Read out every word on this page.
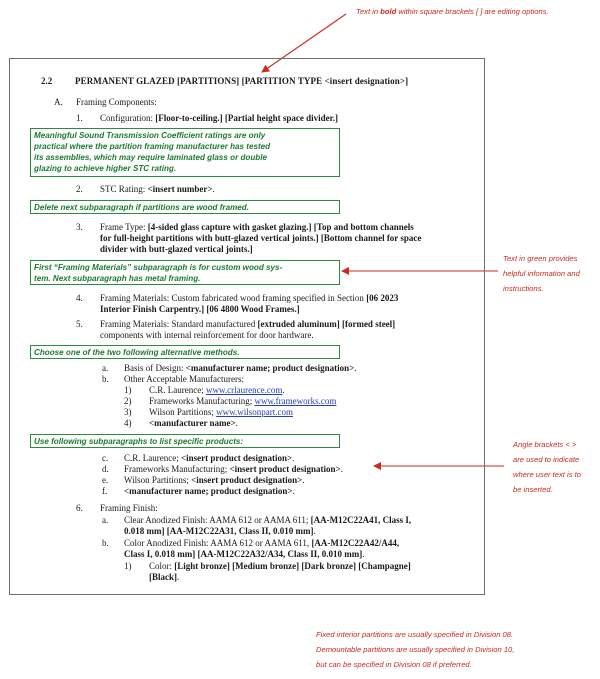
Text in bold within square brackets [ ] are editing options.
Text in green provides
helpful information and
instructions.
Angle brackets < >
are used to indicate
where user text is to
be inserted.
Fixed interior partitions are usually specified in Division 08.
Demountable partitions are usually specified in Division 10,
but can be specified in Division 08 if preferred.
2.2	PERMANENT GLAZED [PARTITIONS] [PARTITION TYPE <insert designation>]
A. Framing Components:
1. Configuration: [Floor-to-ceiling.] [Partial height space divider.]
Meaningful Sound Transmission Coefficient ratings are only
practical where the partition framing manufacturer has tested
its assemblies, which may require laminated glass or double
glazing to achieve higher STC rating.
2. STC Rating: <insert number>.
Delete next subparagraph if partitions are wood framed.
3. Frame Type: [4-sided glass capture with gasket glazing.] [Top and bottom channels
for full-height partitions with butt-glazed vertical joints.] [Bottom channel for space
divider with butt-glazed vertical joints.]
First “Framing Materials” subparagraph is for custom wood sys-
tem. Next subparagraph has metal framing.
4. Framing Materials: Custom fabricated wood framing specified in Section [06 2023
Interior Finish Carpentry.] [06 4800 Wood Frames.]
5. Framing Materials: Standard manufactured [extruded aluminum] [formed steel]
components with internal reinforcement for door hardware.
Choose one of the two following alternative methods.
a. Basis of Design: <manufacturer name; product designation>.
b. Other Acceptable Manufacturers:
1) C.R. Laurence; www.crlaurence.com.
2) Frameworks Manufacturing; www.frameworks.com
3) Wilson Partitions; www.wilsonpart.com
4) <manufacturer name>.
Use following subparagraphs to list specific products:
c. C.R. Laurence; <insert product designation>.
d. Frameworks Manufacturing; <insert product designation>.
e. Wilson Partitions; <insert product designation>.
f. <manufacturer name; product designation>.
6. Framing Finish:
a. Clear Anodized Finish: AAMA 612 or AAMA 611; [AA-M12C22A41, Class I,
0.018 mm] [AA-M12C22A31, Class II, 0.010 mm].
b. Color Anodized Finish: AAMA 612 or AAMA 611, [AA-M12C22A42/A44,
Class I, 0.018 mm] [AA-M12C22A32/A34, Class II, 0.010 mm].
1) Color: [Light bronze] [Medium bronze] [Dark bronze] [Champagne]
[Black].
